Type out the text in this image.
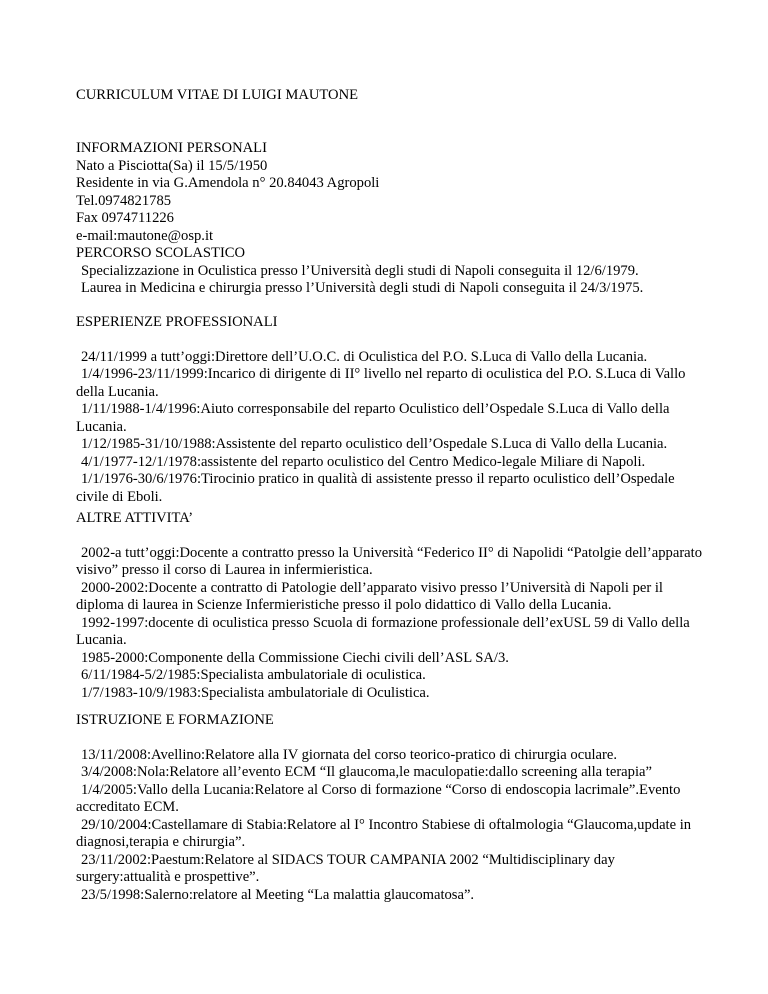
CURRICULUM VITAE DI LUIGI MAUTONE
INFORMAZIONI PERSONALI
Nato a Pisciotta(Sa) il 15/5/1950
Residente in via G.Amendola n° 20.84043 Agropoli
Tel.0974821785
Fax 0974711226
e-mail:mautone@osp.it
PERCORSO SCOLASTICO
Specializzazione in Oculistica presso l’Università degli studi di Napoli conseguita il 12/6/1979.
Laurea in Medicina e chirurgia presso l’Università degli studi di Napoli conseguita il 24/3/1975.
ESPERIENZE PROFESSIONALI
24/11/1999 a tutt’oggi:Direttore dell’U.O.C. di Oculistica del P.O. S.Luca di Vallo della Lucania.
1/4/1996-23/11/1999:Incarico di dirigente di II° livello nel reparto di oculistica del P.O. S.Luca di Vallo della Lucania.
1/11/1988-1/4/1996:Aiuto corresponsabile del reparto Oculistico dell’Ospedale S.Luca di Vallo della Lucania.
1/12/1985-31/10/1988:Assistente del reparto oculistico dell’Ospedale S.Luca di Vallo della Lucania.
4/1/1977-12/1/1978:assistente del reparto oculistico del Centro Medico-legale Miliare di Napoli.
1/1/1976-30/6/1976:Tirocinio pratico in qualità di assistente presso il reparto oculistico dell’Ospedale civile di Eboli.
ALTRE ATTIVITA’
2002-a tutt’oggi:Docente a contratto presso la Università “Federico II° di Napolidi “Patolgie dell’apparato visivo” presso il corso di Laurea in infermieristica.
2000-2002:Docente a contratto di Patologie dell’apparato visivo presso l’Università di Napoli per il diploma di laurea in Scienze Infermieristiche presso il polo didattico di Vallo della Lucania.
1992-1997:docente di oculistica presso Scuola di formazione professionale dell’exUSL 59 di Vallo della Lucania.
1985-2000:Componente della Commissione Ciechi civili dell’ASL SA/3.
6/11/1984-5/2/1985:Specialista ambulatoriale di oculistica.
1/7/1983-10/9/1983:Specialista ambulatoriale di Oculistica.
ISTRUZIONE E FORMAZIONE
13/11/2008:Avellino:Relatore alla IV giornata del corso teorico-pratico di chirurgia oculare.
3/4/2008:Nola:Relatore all’evento ECM “Il glaucoma,le maculopatie:dallo screening alla terapia”
1/4/2005:Vallo della Lucania:Relatore al Corso di formazione “Corso di endoscopia lacrimale”.Evento accreditato ECM.
29/10/2004:Castellamare di Stabia:Relatore al I° Incontro Stabiese di oftalmologia “Glaucoma,update in diagnosi,terapia e chirurgia”.
23/11/2002:Paestum:Relatore al SIDACS TOUR CAMPANIA 2002 “Multidisciplinary day surgery:attualità e prospettive”.
23/5/1998:Salerno:relatore al Meeting “La malattia glaucomatosa”.
